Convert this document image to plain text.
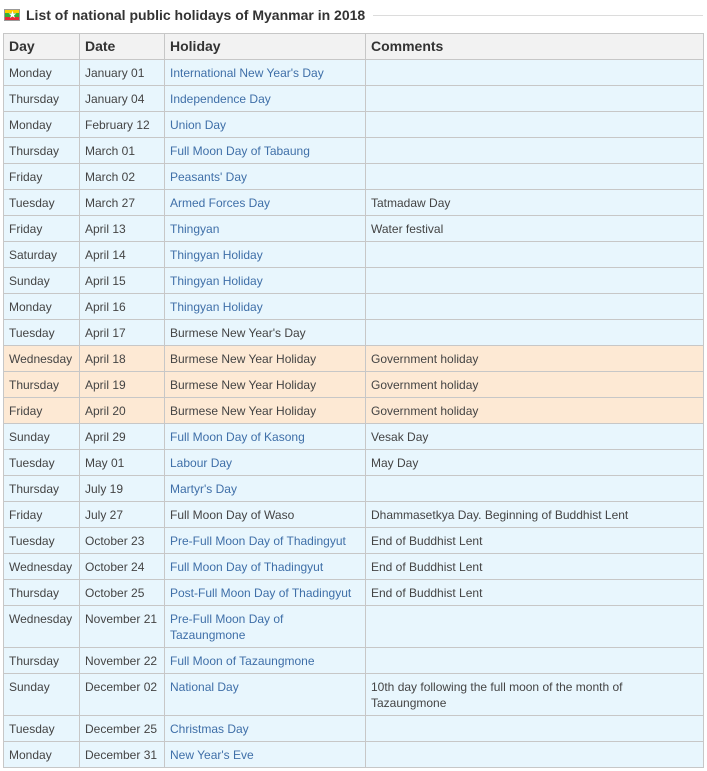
★ List of national public holidays of Myanmar in 2018
Day	Date	Holiday	Comments
Monday	January 01	International New Year's Day	
Thursday	January 04	Independence Day	
Monday	February 12	Union Day	
Thursday	March 01	Full Moon Day of Tabaung	
Friday	March 02	Peasants' Day	
Tuesday	March 27	Armed Forces Day	Tatmadaw Day
Friday	April 13	Thingyan	Water festival
Saturday	April 14	Thingyan Holiday	
Sunday	April 15	Thingyan Holiday	
Monday	April 16	Thingyan Holiday	
Tuesday	April 17	Burmese New Year's Day	
Wednesday	April 18	Burmese New Year Holiday	Government holiday
Thursday	April 19	Burmese New Year Holiday	Government holiday
Friday	April 20	Burmese New Year Holiday	Government holiday
Sunday	April 29	Full Moon Day of Kasong	Vesak Day
Tuesday	May 01	Labour Day	May Day
Thursday	July 19	Martyr's Day	
Friday	July 27	Full Moon Day of Waso	Dhammasetkya Day. Beginning of Buddhist Lent
Tuesday	October 23	Pre-Full Moon Day of Thadingyut	End of Buddhist Lent
Wednesday	October 24	Full Moon Day of Thadingyut	End of Buddhist Lent
Thursday	October 25	Post-Full Moon Day of Thadingyut	End of Buddhist Lent
Wednesday	November 21	Pre-Full Moon Day of Tazaungmone	
Thursday	November 22	Full Moon of Tazaungmone	
Sunday	December 02	National Day	10th day following the full moon of the month of Tazaungmone
Tuesday	December 25	Christmas Day	
Monday	December 31	New Year's Eve	
